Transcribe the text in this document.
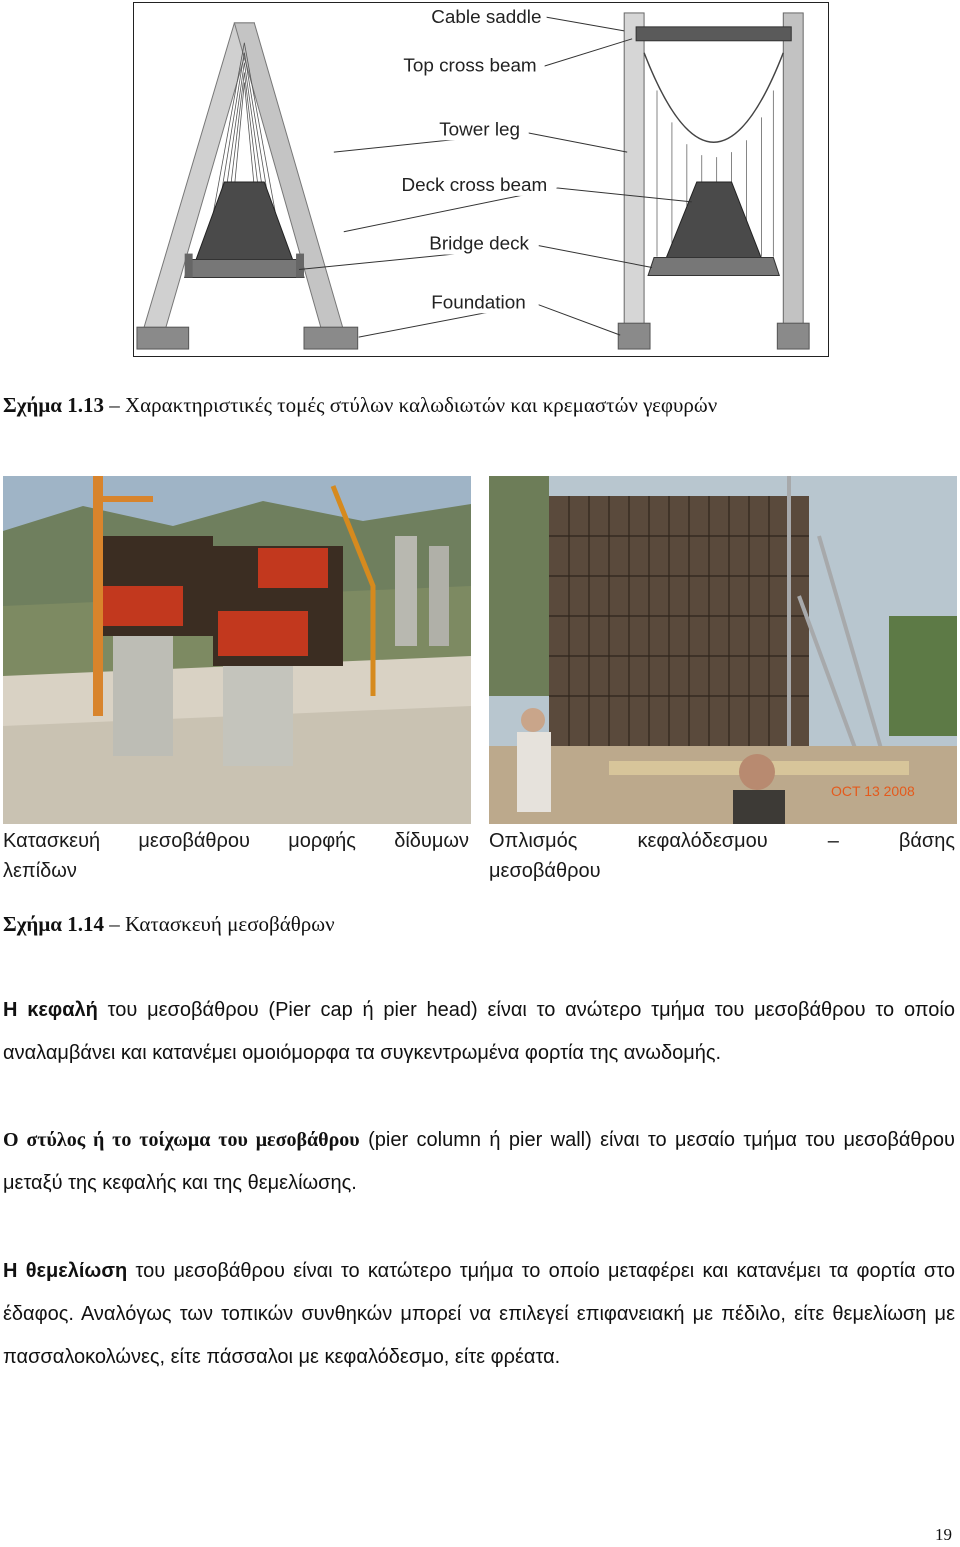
Cable saddle
Top cross beam
Tower leg
Deck cross beam
Bridge deck
Foundation
Σχήμα 1.13 – Χαρακτηριστικές τομές στύλων καλωδιωτών και κρεμαστών γεφυρών
OCT 13 2008
Κατασκευή μεσοβάθρου μορφής δίδυμων
λεπίδων
Οπλισμός	κεφαλόδεσμου	–	βάσης
μεσοβάθρου
Σχήμα 1.14 – Κατασκευή μεσοβάθρων
Η κεφαλή του μεσοβάθρου (Pier cap ή pier head) είναι το ανώτερο τμήμα του μεσοβάθρου το οποίο αναλαμβάνει και κατανέμει ομοιόμορφα τα συγκεντρωμένα φορτία της ανωδομής.
Ο στύλος ή το τοίχωμα του μεσοβάθρου (pier column ή pier wall) είναι το μεσαίο τμήμα του μεσοβάθρου μεταξύ της κεφαλής και της θεμελίωσης.
Η θεμελίωση του μεσοβάθρου είναι το κατώτερο τμήμα το οποίο μεταφέρει και κατανέμει τα φορτία στο έδαφος. Αναλόγως των τοπικών συνθηκών μπορεί να επιλεγεί επιφανειακή με πέδιλο, είτε θεμελίωση με πασσαλοκολώνες, είτε πάσσαλοι με κεφαλόδεσμο, είτε φρέατα.
19
